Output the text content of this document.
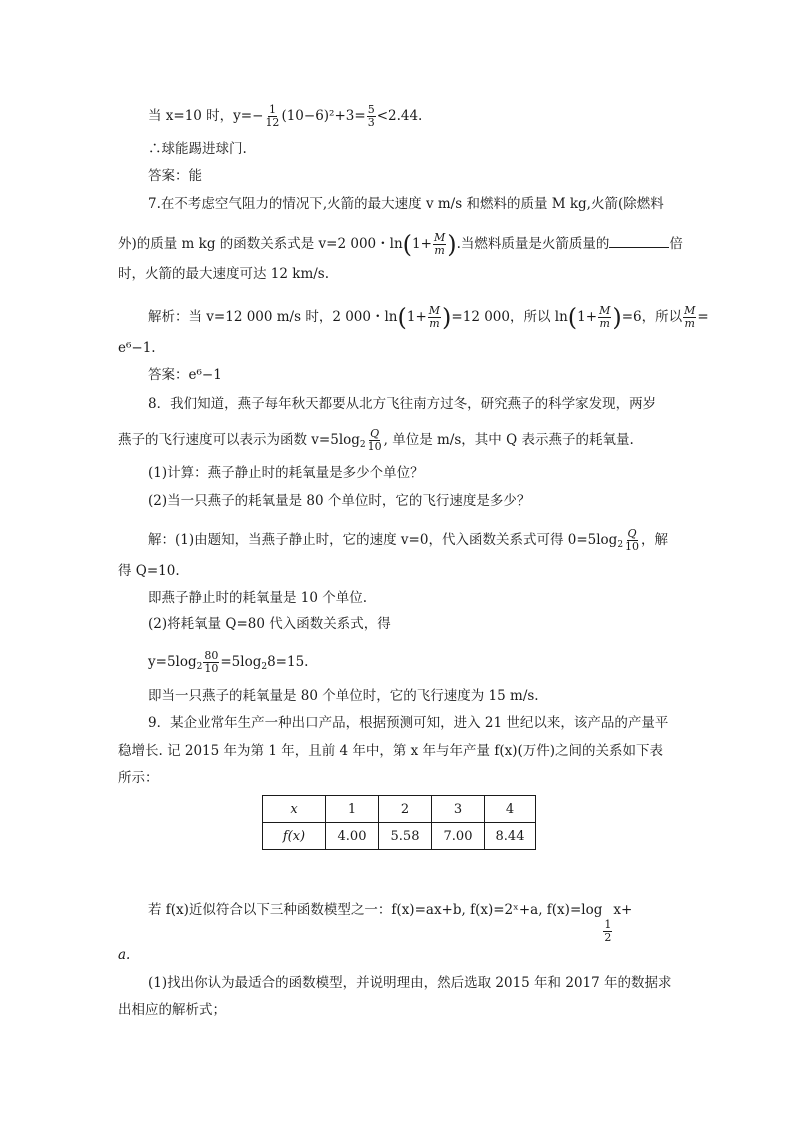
当 x=10 时，$y=- \frac{1}{12} (10-6)^2+3= \frac{5}{3} <2.44$.
∴球能踢进球门.
答案：能
7.在不考虑空气阻力的情况下,火箭的最大速度 v m/s 和燃料的质量 M kg,火箭(除燃料
外)的质量 m kg 的函数关系式是 v=2 000・$\ln(1+ \frac{M}{m}$ ).当燃料质量是火箭质量的	倍
时，火箭的最大速度可达 12 km/s.
解析：当 v=12 000 m/s 时，2 000・$\ln(1+ \frac{M}{m} )=12$ 000，所以 $\ln(1+ \frac{M}{m} )=6$，所以 $\frac{M}{m}$ =
e⁶−1.
答案：e⁶−1
8．我们知道，燕子每年秋天都要从北方飞往南方过冬，研究燕子的科学家发现，两岁
燕子的飞行速度可以表示为函数 $v=5\log_2 \frac{Q}{10}$ , 单位是 m/s，其中 Q 表示燕子的耗氧量.
(1)计算：燕子静止时的耗氧量是多少个单位？
(2)当一只燕子的耗氧量是 80 个单位时，它的飞行速度是多少？
解：(1)由题知，当燕子静止时，它的速度 v=0，代入函数关系式可得 $0=5\log_2 \frac{Q}{10}$ ，解
得 Q=10.
即燕子静止时的耗氧量是 10 个单位.
(2)将耗氧量 Q=80 代入函数关系式，得
$y=5\log_2 \frac{80}{10} =5\log_28=15$.
即当一只燕子的耗氧量是 80 个单位时，它的飞行速度为 15 m/s.
9．某企业常年生产一种出口产品，根据预测可知，进入 21 世纪以来，该产品的产量平
稳增长. 记 2015 年为第 1 年，且前 4 年中，第 x 年与年产量 f(x)(万件)之间的关系如下表
所示：
x	1	2	3	4
f(x)	4.00	5.58	7.00	8.44
若 f(x)近似符合以下三种函数模型之一：f(x)=ax+b, f(x)=2ˣ+a, f(x)=log
$\frac{1}{2}$
x+
a.
(1)找出你认为最适合的函数模型，并说明理由，然后选取 2015 年和 2017 年的数据求
出相应的解析式；
